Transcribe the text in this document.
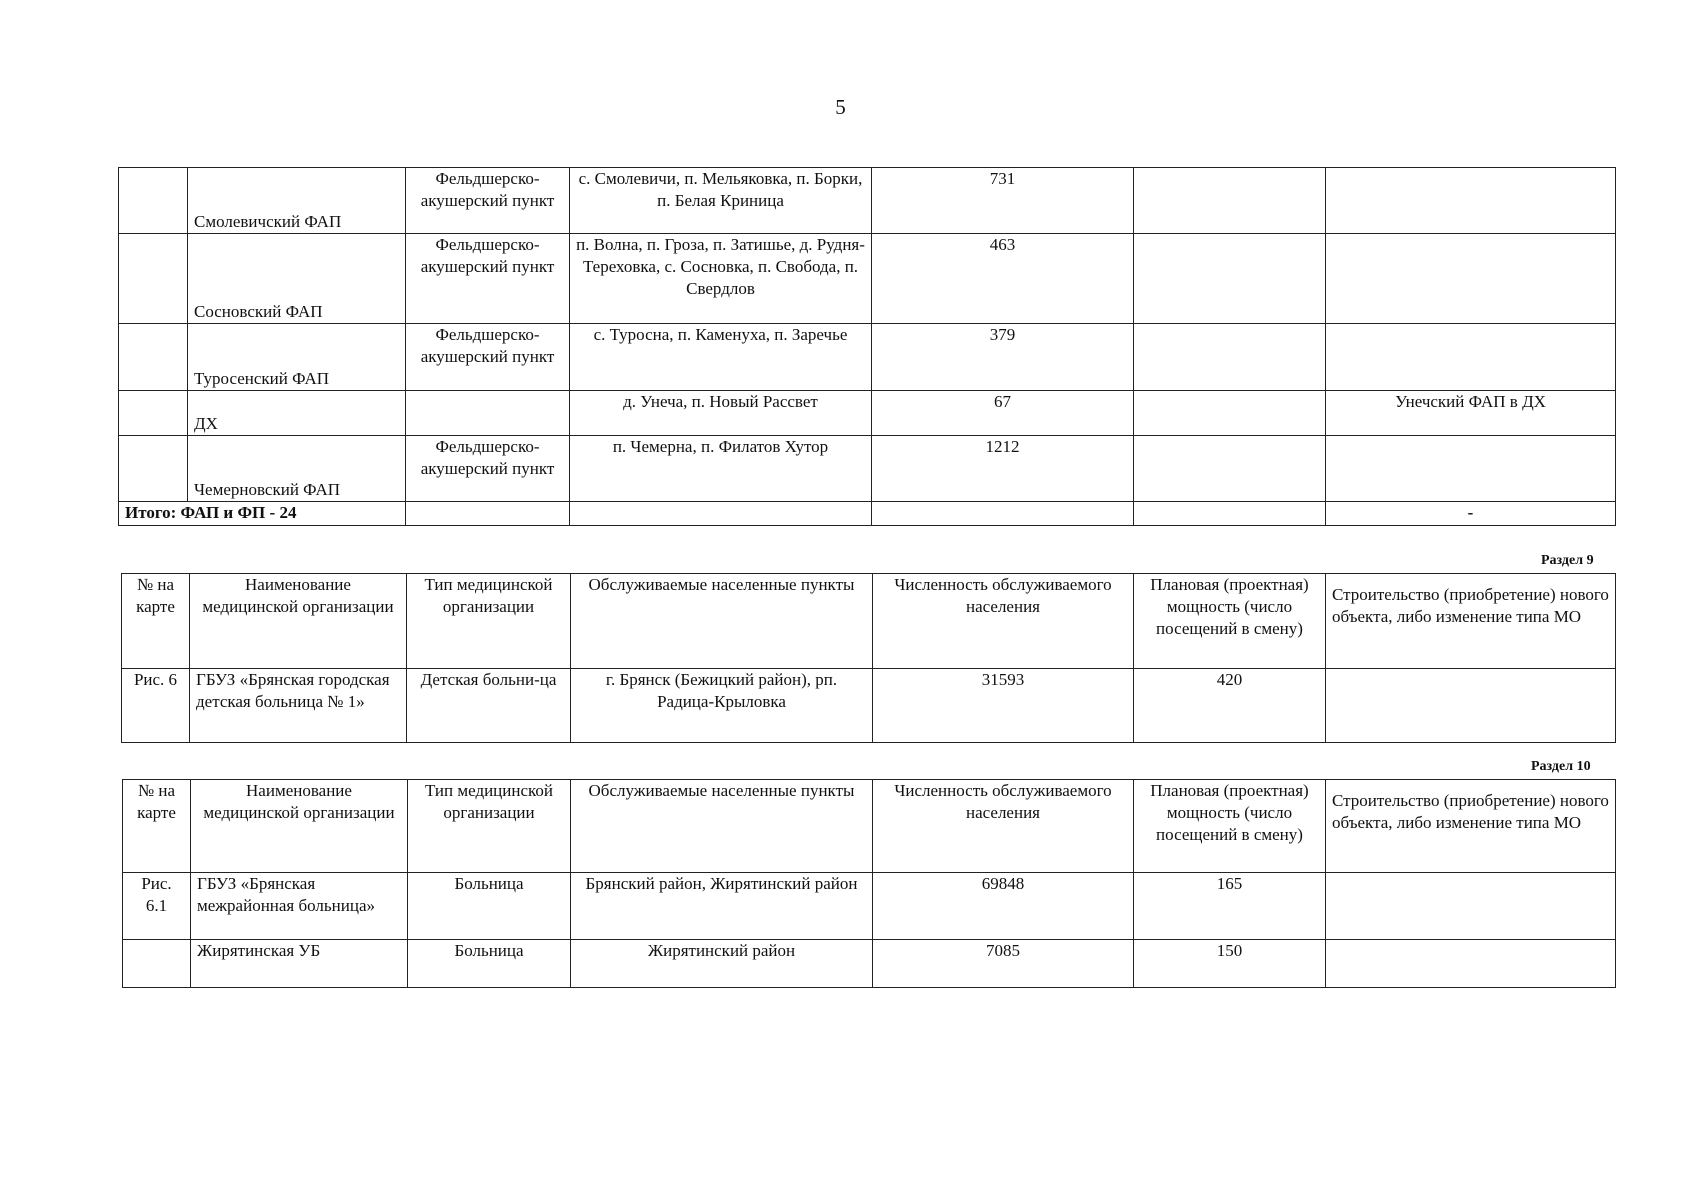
5
	Смолевичский ФАП	Фельдшерско-акушерский пункт	с. Смолевичи, п. Мельяковка, п. Борки, п. Белая Криница	731		
	Сосновский ФАП	Фельдшерско-акушерский пункт	п. Волна, п. Гроза, п. Затишье, д. Рудня-Тереховка, с. Сосновка, п. Свобода, п. Свердлов	463		
	Туросенский ФАП	Фельдшерско-акушерский пункт	с. Туросна, п. Каменуха, п. Заречье	379		
	ДХ		д. Унеча, п. Новый Рассвет	67		Унечский ФАП в ДХ
	Чемерновский ФАП	Фельдшерско-акушерский пункт	п. Чемерна, п. Филатов Хутор	1212		
Итого: ФАП и ФП - 24						-
Раздел 9
№ на карте	Наименование медицинской организации	Тип медицинской организации	Обслуживаемые населенные пункты	Численность обслуживаемого населения	Плановая (проектная) мощность (число посещений в смену)	Строительство (приобретение) нового объекта, либо изменение типа МО
Рис. 6	ГБУЗ «Брянская городская детская больница № 1»	Детская больни-ца	г. Брянск (Бежицкий район), рп. Радица-Крыловка	31593	420	
Раздел 10
№ на карте	Наименование медицинской организации	Тип медицинской организации	Обслуживаемые населенные пункты	Численность обслуживаемого населения	Плановая (проектная) мощность (число посещений в смену)	Строительство (приобретение) нового объекта, либо изменение типа МО
Рис. 6.1	ГБУЗ «Брянская межрайонная больница»	Больница	Брянский район, Жирятинский район	69848	165	
	Жирятинская УБ	Больница	Жирятинский район	7085	150	
